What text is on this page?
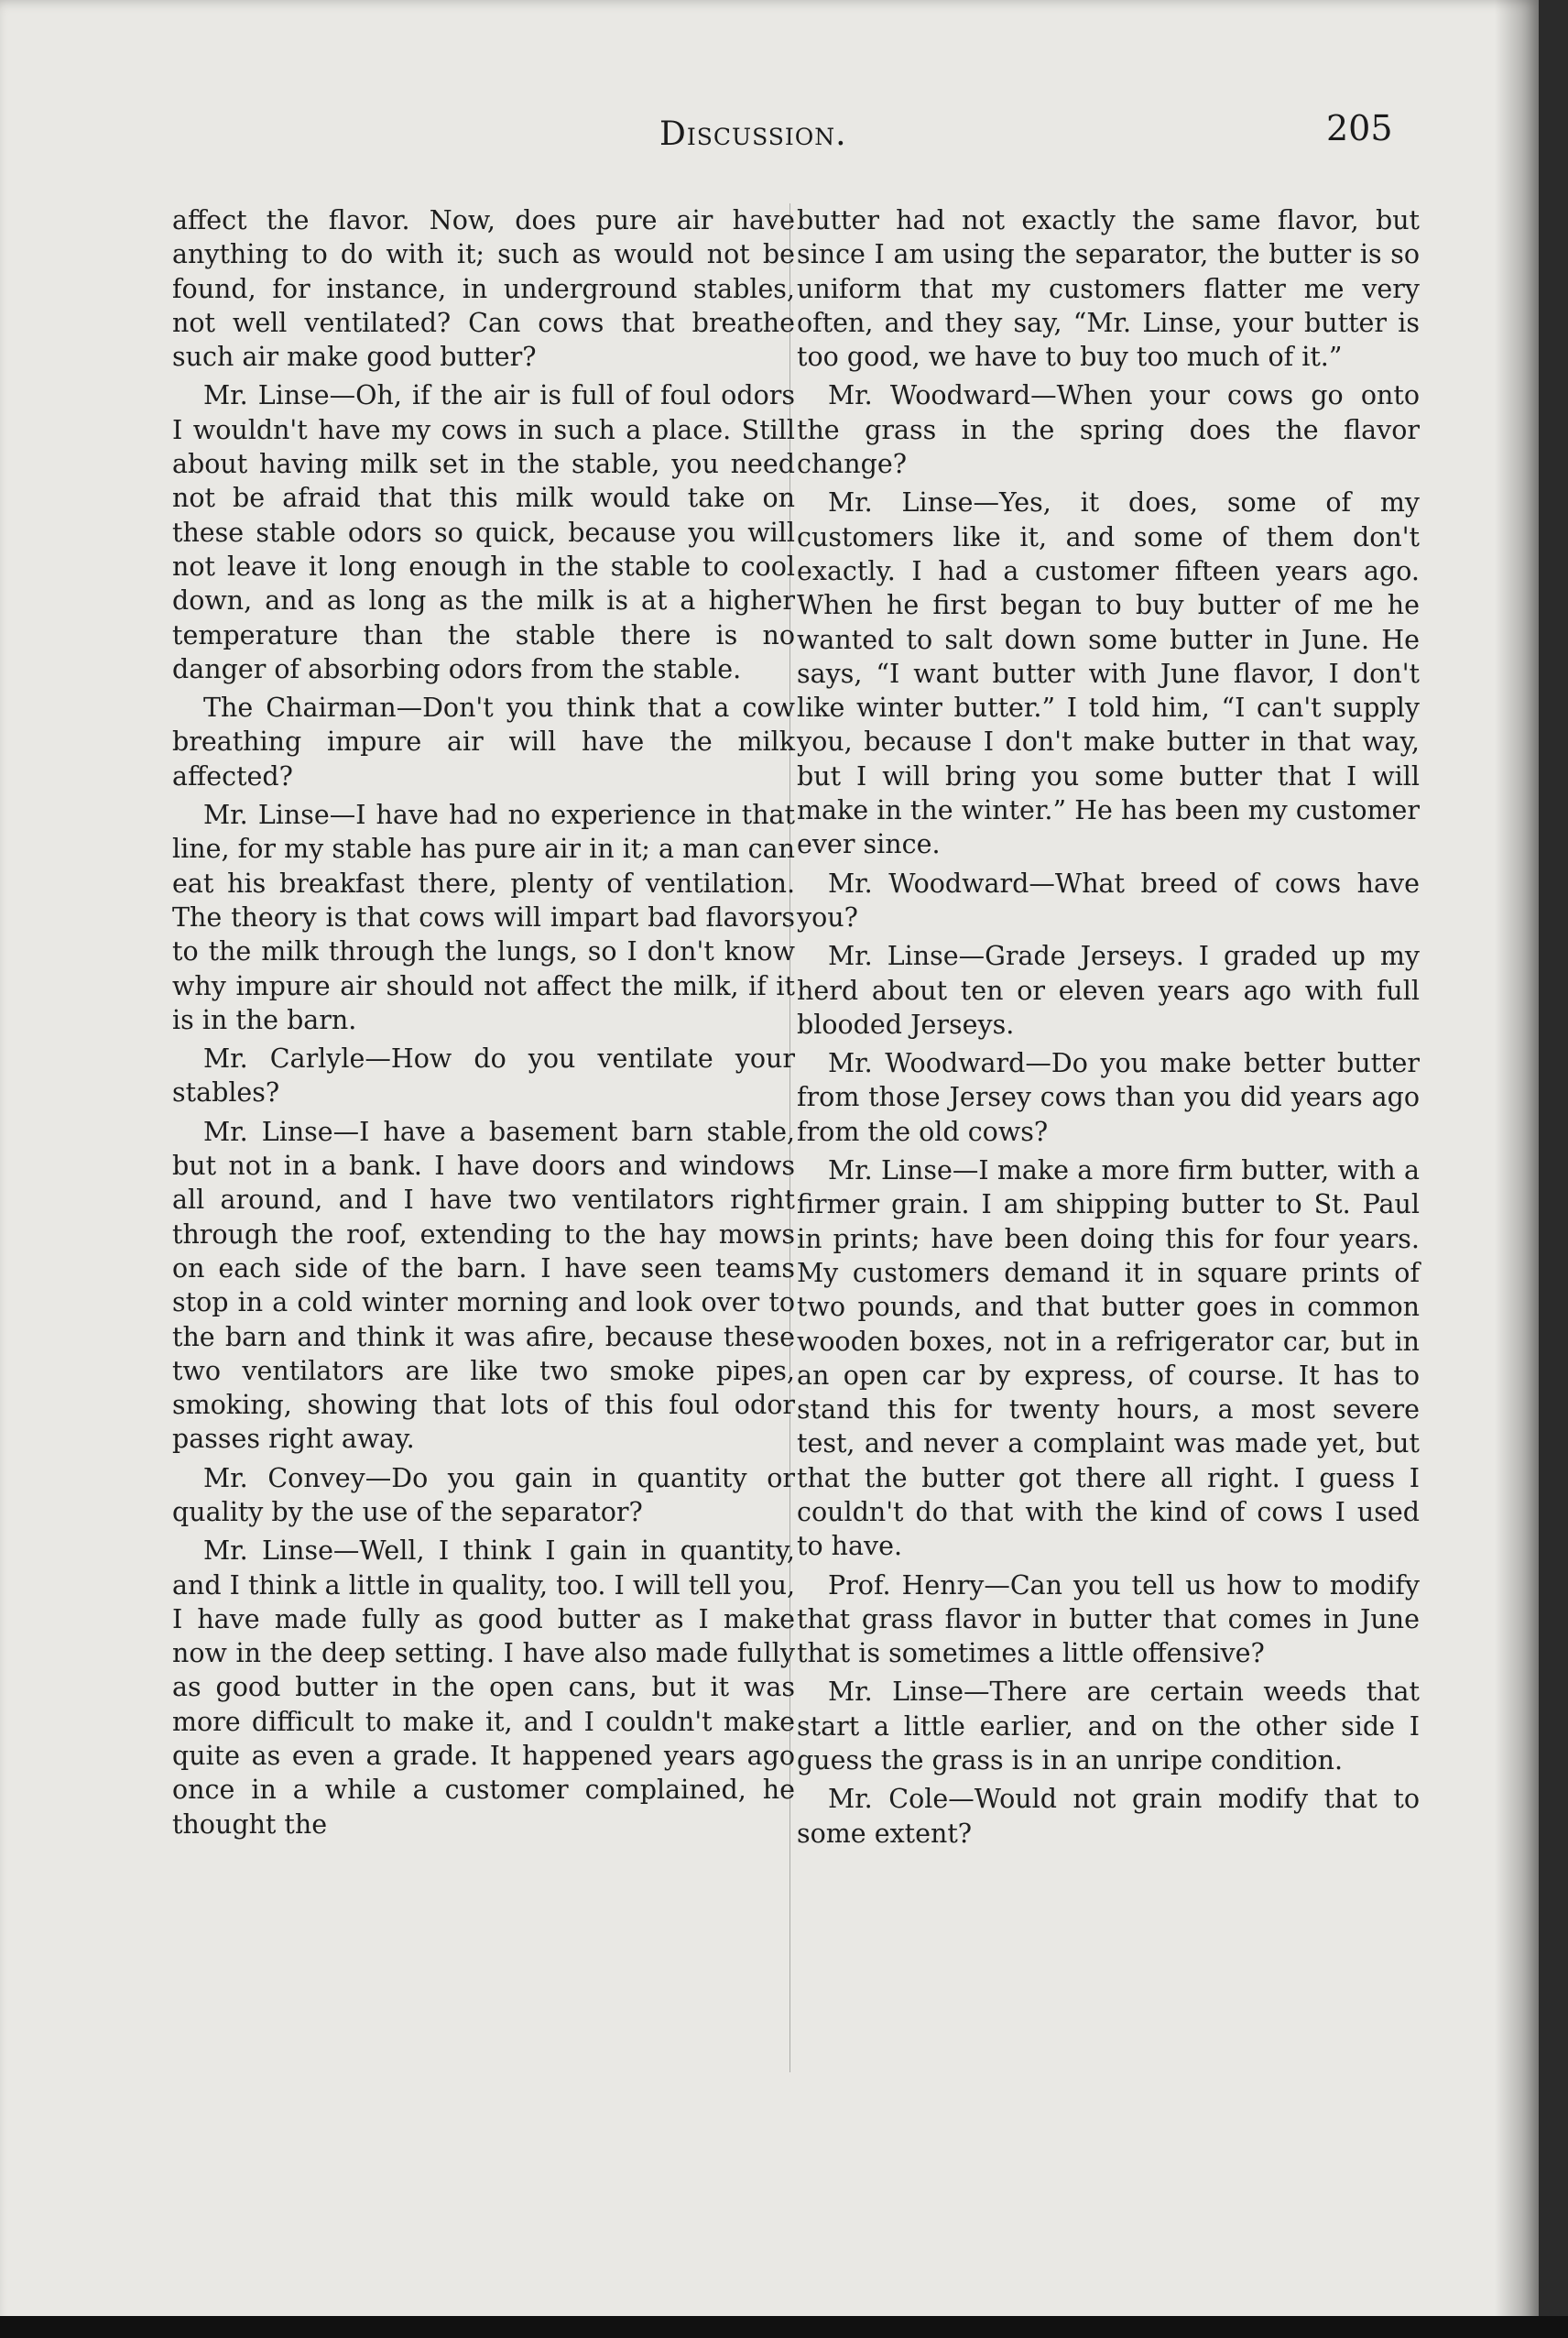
Discussion.	205

affect the flavor. Now, does pure air have anything to do with it; such as would not be found, for instance, in underground stables, not well ventilated? Can cows that breathe such air make good butter?

Mr. Linse—Oh, if the air is full of foul odors I wouldn't have my cows in such a place. Still about having milk set in the stable, you need not be afraid that this milk would take on these stable odors so quick, because you will not leave it long enough in the stable to cool down, and as long as the milk is at a higher temperature than the stable there is no danger of absorbing odors from the stable.

The Chairman—Don't you think that a cow breathing impure air will have the milk affected?

Mr. Linse—I have had no experience in that line, for my stable has pure air in it; a man can eat his breakfast there, plenty of ventilation. The theory is that cows will impart bad flavors to the milk through the lungs, so I don't know why impure air should not affect the milk, if it is in the barn.

Mr. Carlyle—How do you ventilate your stables?

Mr. Linse—I have a basement barn stable, but not in a bank. I have doors and windows all around, and I have two ventilators right through the roof, extending to the hay mows on each side of the barn. I have seen teams stop in a cold winter morning and look over to the barn and think it was afire, because these two ventilators are like two smoke pipes, smoking, showing that lots of this foul odor passes right away.

Mr. Convey—Do you gain in quantity or quality by the use of the separator?

Mr. Linse—Well, I think I gain in quantity, and I think a little in quality, too. I will tell you, I have made fully as good butter as I make now in the deep setting. I have also made fully as good butter in the open cans, but it was more difficult to make it, and I couldn't make quite as even a grade. It happened years ago once in a while a customer complained, he thought the

butter had not exactly the same flavor, but since I am using the separator, the butter is so uniform that my customers flatter me very often, and they say, “Mr. Linse, your butter is too good, we have to buy too much of it.”

Mr. Woodward—When your cows go onto the grass in the spring does the flavor change?

Mr. Linse—Yes, it does, some of my customers like it, and some of them don't exactly. I had a customer fifteen years ago. When he first began to buy butter of me he wanted to salt down some butter in June. He says, “I want butter with June flavor, I don't like winter butter.” I told him, “I can't supply you, because I don't make butter in that way, but I will bring you some butter that I will make in the winter.” He has been my customer ever since.

Mr. Woodward—What breed of cows have you?

Mr. Linse—Grade Jerseys. I graded up my herd about ten or eleven years ago with full blooded Jerseys.

Mr. Woodward—Do you make better butter from those Jersey cows than you did years ago from the old cows?

Mr. Linse—I make a more firm butter, with a firmer grain. I am shipping butter to St. Paul in prints; have been doing this for four years. My customers demand it in square prints of two pounds, and that butter goes in common wooden boxes, not in a refrigerator car, but in an open car by express, of course. It has to stand this for twenty hours, a most severe test, and never a complaint was made yet, but that the butter got there all right. I guess I couldn't do that with the kind of cows I used to have.

Prof. Henry—Can you tell us how to modify that grass flavor in butter that comes in June that is sometimes a little offensive?

Mr. Linse—There are certain weeds that start a little earlier, and on the other side I guess the grass is in an unripe condition.

Mr. Cole—Would not grain modify that to some extent?
